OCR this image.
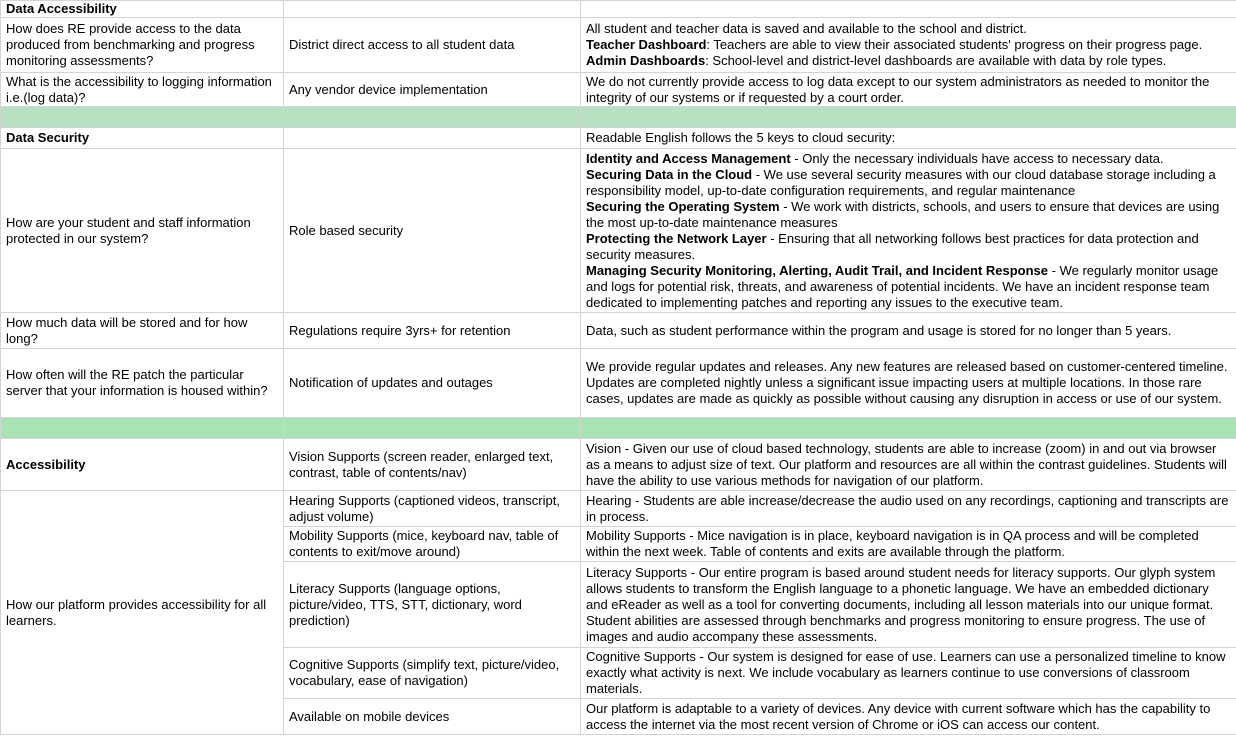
Data Accessibility		
How does RE provide access to the data produced from benchmarking and progress monitoring assessments?	District direct access to all student data	All student and teacher data is saved and available to the school and district.
Teacher Dashboard: Teachers are able to view their associated students' progress on their progress page.
Admin Dashboards: School-level and district-level dashboards are available with data by role types.

What is the accessibility to logging information i.e.(log data)?	Any vendor device implementation	We do not currently provide access to log data except to our system administrators as needed to monitor the integrity of our systems or if requested by a court order.

Data Security		Readable English follows the 5 keys to cloud security:
How are your student and staff information protected in our system?	Role based security	Identity and Access Management - Only the necessary individuals have access to necessary data.
Securing Data in the Cloud - We use several security measures with our cloud database storage including a responsibility model, up-to-date configuration requirements, and regular maintenance
Securing the Operating System - We work with districts, schools, and users to ensure that devices are using the most up-to-date maintenance measures
Protecting the Network Layer - Ensuring that all networking follows best practices for data protection and security measures.
Managing Security Monitoring, Alerting, Audit Trail, and Incident Response - We regularly monitor usage and logs for potential risk, threats, and awareness of potential incidents. We have an incident response team dedicated to implementing patches and reporting any issues to the executive team.

How much data will be stored and for how long?	Regulations require 3yrs+ for retention	Data, such as student performance within the program and usage is stored for no longer than 5 years.
How often will the RE patch the particular server that your information is housed within?	Notification of updates and outages	We provide regular updates and releases. Any new features are released based on customer-centered timeline. Updates are completed nightly unless a significant issue impacting users at multiple locations. In those rare cases, updates are made as quickly as possible without causing any disruption in access or use of our system.

Accessibility	Vision Supports (screen reader, enlarged text, contrast, table of contents/nav)	Vision - Given our use of cloud based technology, students are able to increase (zoom) in and out via browser as a means to adjust size of text. Our platform and resources are all within the contrast guidelines. Students will have the ability to use various methods for navigation of our platform.
How our platform provides accessibility for all learners.	Hearing Supports (captioned videos, transcript, adjust volume)	Hearing - Students are able increase/decrease the audio used on any recordings, captioning and transcripts are in process.
	Mobility Supports (mice, keyboard nav, table of contents to exit/move around)	Mobility Supports - Mice navigation is in place, keyboard navigation is in QA process and will be completed within the next week. Table of contents and exits are available through the platform.
	Literacy Supports (language options, picture/video, TTS, STT, dictionary, word prediction)	Literacy Supports - Our entire program is based around student needs for literacy supports. Our glyph system allows students to transform the English language to a phonetic language. We have an embedded dictionary and eReader as well as a tool for converting documents, including all lesson materials into our unique format. Student abilities are assessed through benchmarks and progress monitoring to ensure progress. The use of images and audio accompany these assessments.
	Cognitive Supports (simplify text, picture/video, vocabulary, ease of navigation)	Cognitive Supports - Our system is designed for ease of use. Learners can use a personalized timeline to know exactly what activity is next. We include vocabulary as learners continue to use conversions of classroom materials.
	Available on mobile devices	Our platform is adaptable to a variety of devices. Any device with current software which has the capability to access the internet via the most recent version of Chrome or iOS can access our content.
